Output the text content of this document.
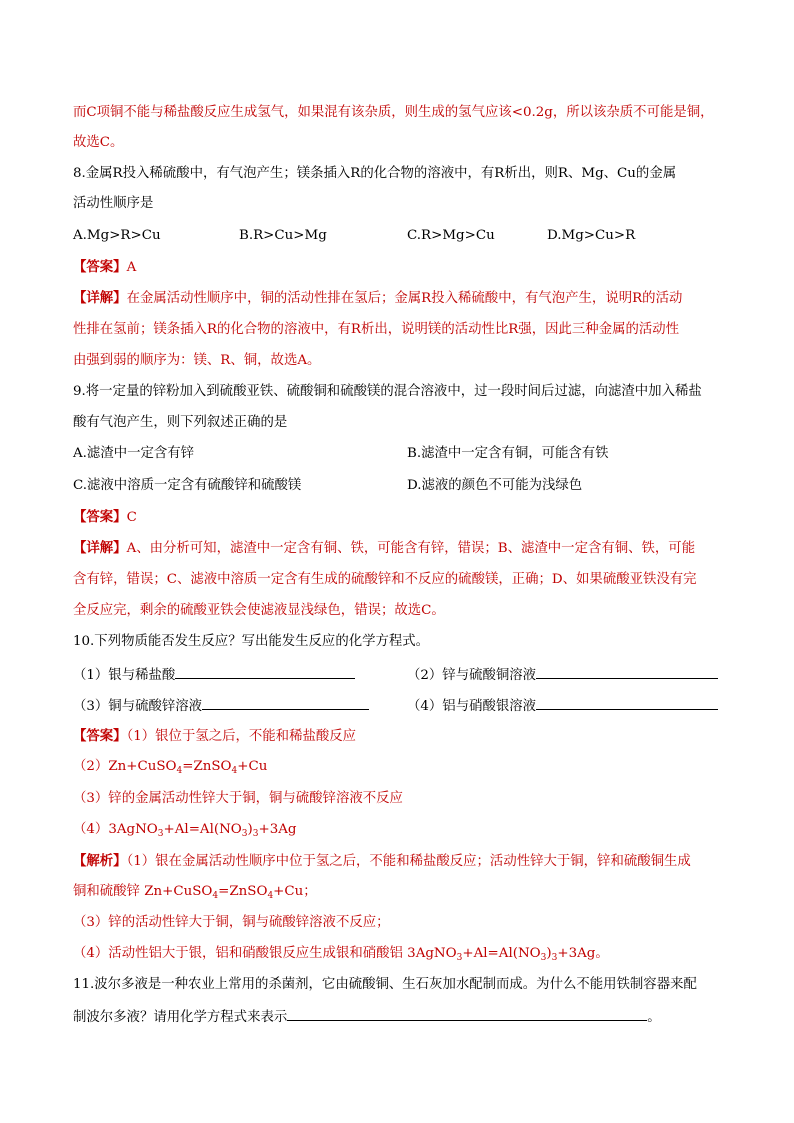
而C项铜不能与稀盐酸反应生成氢气，如果混有该杂质，则生成的氢气应该<0.2g，所以该杂质不可能是铜，
故选C。
8.金属R投入稀硫酸中，有气泡产生；镁条插入R的化合物的溶液中，有R析出，则R、Mg、Cu的金属
活动性顺序是
A.Mg>R>Cu	B.R>Cu>Mg	C.R>Mg>Cu	D.Mg>Cu>R
【答案】A
【详解】在金属活动性顺序中，铜的活动性排在氢后；金属R投入稀硫酸中，有气泡产生，说明R的活动
性排在氢前；镁条插入R的化合物的溶液中，有R析出，说明镁的活动性比R强，因此三种金属的活动性
由强到弱的顺序为：镁、R、铜，故选A。
9.将一定量的锌粉加入到硫酸亚铁、硫酸铜和硫酸镁的混合溶液中，过一段时间后过滤，向滤渣中加入稀盐
酸有气泡产生，则下列叙述正确的是
A.滤渣中一定含有锌	B.滤渣中一定含有铜，可能含有铁
C.滤液中溶质一定含有硫酸锌和硫酸镁	D.滤液的颜色不可能为浅绿色
【答案】C
【详解】A、由分析可知，滤渣中一定含有铜、铁，可能含有锌，错误；B、滤渣中一定含有铜、铁，可能
含有锌，错误；C、滤液中溶质一定含有生成的硫酸锌和不反应的硫酸镁，正确；D、如果硫酸亚铁没有完
全反应完，剩余的硫酸亚铁会使滤液显浅绿色，错误；故选C。
10.下列物质能否发生反应？写出能发生反应的化学方程式。
（1）银与稀盐酸	（2）锌与硫酸铜溶液
（3）铜与硫酸锌溶液	（4）铝与硝酸银溶液
【答案】（1）银位于氢之后，不能和稀盐酸反应
（2）Zn+CuSO$_4$=ZnSO$_4$+Cu
（3）锌的金属活动性锌大于铜，铜与硫酸锌溶液不反应
$(4)3AgNO_3+Al=Al(NO_3)_3+3Ag$
【解析】（1）银在金属活动性顺序中位于氢之后，不能和稀盐酸反应；活动性锌大于铜，锌和硫酸铜生成
铜和硫酸锌 Zn+CuSO$_4$=ZnSO$_4$+Cu；
（3）锌的活动性锌大于铜，铜与硫酸锌溶液不反应；
（4）活动性铝大于银，铝和硝酸银反应生成银和硝酸铝 $3AgNO_3+Al=Al(NO_3)_3+3Ag$。
11.波尔多液是一种农业上常用的杀菌剂，它由硫酸铜、生石灰加水配制而成。为什么不能用铁制容器来配
制波尔多液？请用化学方程式来表示	。
